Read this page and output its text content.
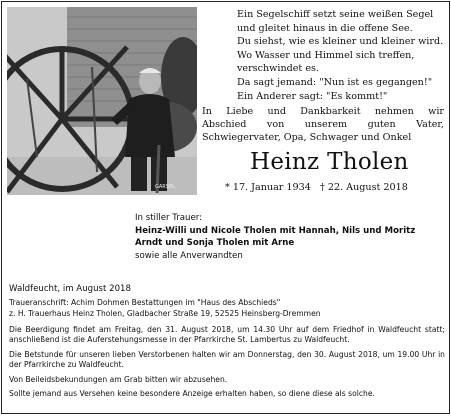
GARSEL
Ein Segelschiff setzt seine weißen Segel
und gleitet hinaus in die offene See.
Du siehst, wie es kleiner und kleiner wird.
Wo Wasser und Himmel sich treffen,
verschwindet es.
Da sagt jemand: "Nun ist es gegangen!"
Ein Anderer sagt: "Es kommt!"
In Liebe und Dankbarkeit nehmen wir
Abschied von unserem guten Vater,
Schwiegervater, Opa, Schwager und Onkel
Heinz Tholen
* 17. Januar 1934   † 22. August 2018
In stiller Trauer:
Heinz-Willi und Nicole Tholen mit Hannah, Nils und Moritz
Arndt und Sonja Tholen mit Arne
sowie alle Anverwandten
Waldfeucht, im August 2018
Traueranschrift: Achim Dohmen Bestattungen im "Haus des Abschieds"
z. H. Trauerhaus Heinz Tholen, Gladbacher Straße 19, 52525 Heinsberg-Dremmen

Die Beerdigung findet am Freitag, den 31. August 2018, um 14.30 Uhr auf dem Friedhof in Waldfeucht statt; anschließend ist die Auferstehungsmesse in der Pfarrkirche St. Lambertus zu Waldfeucht.

Die Betstunde für unseren lieben Verstorbenen halten wir am Donnerstag, den 30. August 2018, um 19.00 Uhr in der Pfarrkirche zu Waldfeucht.

Von Beileidsbekundungen am Grab bitten wir abzusehen.

Sollte jemand aus Versehen keine besondere Anzeige erhalten haben, so diene diese als solche.
